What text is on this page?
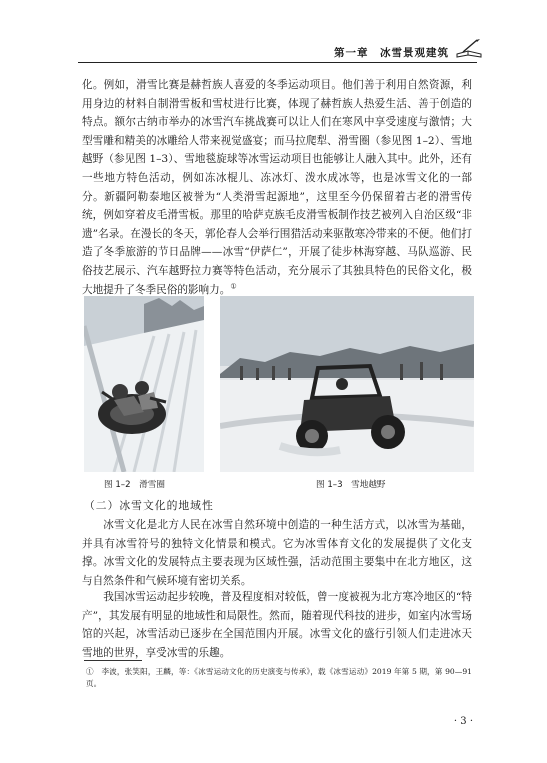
第一章　冰雪景观建筑

化。例如，滑雪比赛是赫哲族人喜爱的冬季运动项目。他们善于利用自然资源，利用身边的材料自制滑雪板和雪杖进行比赛，体现了赫哲族人热爱生活、善于创造的特点。额尔古纳市举办的冰雪汽车挑战赛可以让人们在寒风中享受速度与激情；大型雪雕和精美的冰雕给人带来视觉盛宴；而马拉爬犁、滑雪圈（参见图 1–2）、雪地越野（参见图 1–3）、雪地毯旋球等冰雪运动项目也能够让人融入其中。此外，还有一些地方特色活动，例如冻冰棍儿、冻冰灯、泼水成冰等，也是冰雪文化的一部分。新疆阿勒泰地区被誉为“人类滑雪起源地”，这里至今仍保留着古老的滑雪传统，例如穿着皮毛滑雪板。那里的哈萨克族毛皮滑雪板制作技艺被列入自治区级“非遗”名录。在漫长的冬天，郭伦春人会举行围猎活动来驱散寒冷带来的不便。他们打造了冬季旅游的节日品牌——冰雪“伊萨仁”，开展了徒步林海穿越、马队巡游、民俗技艺展示、汽车越野拉力赛等特色活动，充分展示了其独具特色的民俗文化，极大地提升了冬季民俗的影响力。①

图 1–2　滑雪圈	图 1–3　雪地越野
（二）冰雪文化的地域性

冰雪文化是北方人民在冰雪自然环境中创造的一种生活方式，以冰雪为基础，并具有冰雪符号的独特文化情景和模式。它为冰雪体育文化的发展提供了文化支撑。冰雪文化的发展特点主要表现为区域性强，活动范围主要集中在北方地区，这与自然条件和气候环境有密切关系。

我国冰雪运动起步较晚，普及程度相对较低，曾一度被视为北方寒冷地区的“特产”，其发展有明显的地域性和局限性。然而，随着现代科技的进步，如室内冰雪场馆的兴起，冰雪活动已逐步在全国范围内开展。冰雪文化的盛行引领人们走进冰天雪地的世界，享受冰雪的乐趣。

①　李波，张笑阳，王麟，等：《冰雪运动文化的历史演变与传承》，载《冰雪运动》2019 年第 5 期，第 90—91 页。
· 3 ·
